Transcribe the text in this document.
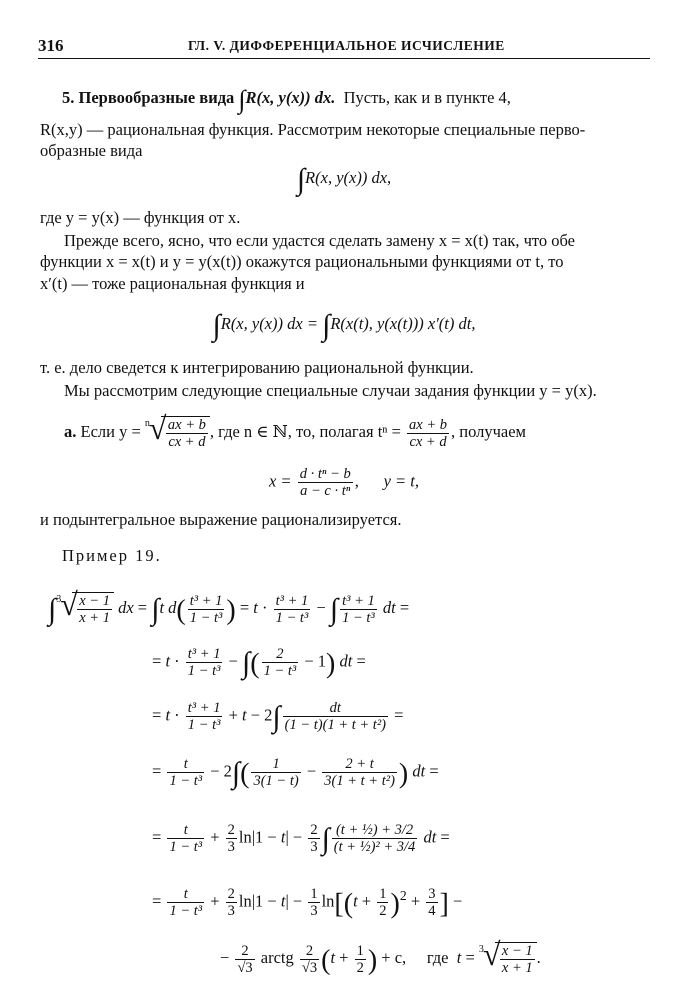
316	ГЛ. V. ДИФФЕРЕНЦИАЛЬНОЕ ИСЧИСЛЕНИЕ
5. Первообразные вида ∫R(x, y(x)) dx. Пусть, как и в пункте 4,
R(x,y) — рациональная функция. Рассмотрим некоторые специальные перво-
образные вида
∫R(x, y(x)) dx,
где y = y(x) — функция от x.
Прежде всего, ясно, что если удастся сделать замену x = x(t) так, что обе
функции x = x(t) и y = y(x(t)) окажутся рациональными функциями от t, то
x′(t) — тоже рациональная функция и
∫R(x, y(x)) dx = ∫R(x(t), y(x(t))) x′(t) dt,
т. е. дело сведется к интегрированию рациональной функции.
Мы рассмотрим следующие специальные случаи задания функции y = y(x).
а. Если y = n √ $\frac{ax + b}{cx + d}$ , где n ∈ ℕ, то, полагая $t^n = \frac{ax + b}{cx + d}$ , получаем
$x = \frac{\text{d · tⁿ − b}}{\text{a − c · tⁿ}}$ ,      y = t,
и подынтегральное выражение рационализируется.
Пример 19.
∫ 3 √ $\frac{x - 1}{x + 1}$ dx = ∫t $d( \frac{\text{t³ + 1}}{\text{1 − t³}}$ ) = $t \cdot \frac{\text{t³ + 1}}{\text{1 − t³}}$ − ∫ $\frac{\text{t³ + 1}}{\text{1 − t³}}$ dt =
= $t \cdot \frac{\text{t³ + 1}}{\text{1 − t³}}$ − ∫( $\frac{2}{\text{1 − t³}} - 1$) dt =
= $t \cdot \frac{\text{t³ + 1}}{\text{1 − t³}} + t - 2\int \frac{dt}{\text{(1 − t)(1 + t + t²)}}$ =
= $\frac{t}{\text{1 − t³}} - 2\int( \frac{1}{3(1 - t)} - \frac{2 + t}{\text{3(1 + t + t²)}}$ ) dt =
= $\frac{t}{\text{1 − t³}} + \frac{2}{3} \ln|1 - t| - \frac{2}{3}$ ∫ $\frac{\text{(t + ½) + 3/2}}{\text{(t + ½)² + 3/4}}$ dt =
= $\frac{t}{\text{1 − t³}} + \frac{2}{3} \ln|1 - t| - \frac{1}{3} \ln[(t + \frac{1}{2} )^2 + \frac{3}{4}$ ] −
− $\frac{2}{√3}$ arctg $\frac{2}{√3} (t + \frac{1}{2}$ ) + c, где t = 3 √ $\frac{x - 1}{x + 1}$ .
